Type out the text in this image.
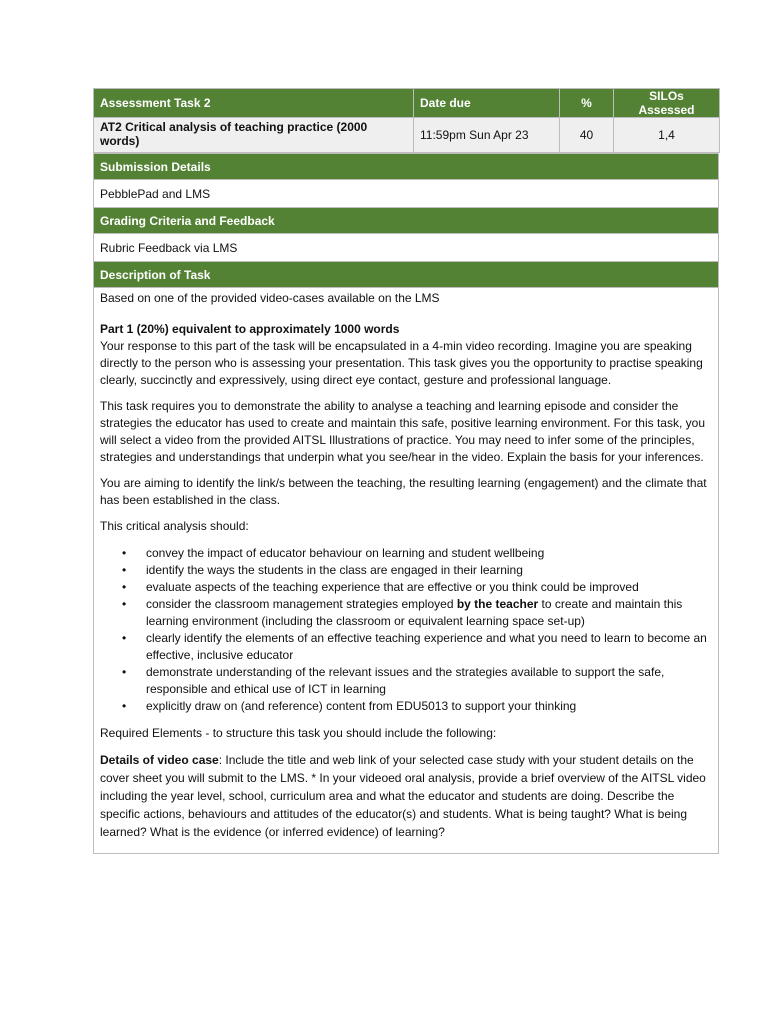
Assessment Task 2	Date due	%	SILOs Assessed
AT2 Critical analysis of teaching practice (2000 words)	11:59pm Sun Apr 23	40	1,4
Submission Details
PebblePad and LMS
Grading Criteria and Feedback
Rubric Feedback via LMS
Description of Task

Based on one of the provided video-cases available on the LMS

Part 1 (20%) equivalent to approximately 1000 words

Your response to this part of the task will be encapsulated in a 4-min video recording. Imagine you are speaking directly to the person who is assessing your presentation. This task gives you the opportunity to practise speaking clearly, succinctly and expressively, using direct eye contact, gesture and professional language.

This task requires you to demonstrate the ability to analyse a teaching and learning episode and consider the strategies the educator has used to create and maintain this safe, positive learning environment. For this task, you will select a video from the provided AITSL Illustrations of practice. You may need to infer some of the principles, strategies and understandings that underpin what you see/hear in the video. Explain the basis for your inferences.

You are aiming to identify the link/s between the teaching, the resulting learning (engagement) and the climate that has been established in the class.

This critical analysis should:

• convey the impact of educator behaviour on learning and student wellbeing
• identify the ways the students in the class are engaged in their learning
• evaluate aspects of the teaching experience that are effective or you think could be improved
• consider the classroom management strategies employed by the teacher to create and maintain this learning environment (including the classroom or equivalent learning space set-up)
• clearly identify the elements of an effective teaching experience and what you need to learn to become an effective, inclusive educator
• demonstrate understanding of the relevant issues and the strategies available to support the safe, responsible and ethical use of ICT in learning
• explicitly draw on (and reference) content from EDU5013 to support your thinking

Required Elements - to structure this task you should include the following:

Details of video case: Include the title and web link of your selected case study with your student details on the cover sheet you will submit to the LMS. * In your videoed oral analysis, provide a brief overview of the AITSL video including the year level, school, curriculum area and what the educator and students are doing. Describe the specific actions, behaviours and attitudes of the educator(s) and students. What is being taught? What is being learned? What is the evidence (or inferred evidence) of learning?
